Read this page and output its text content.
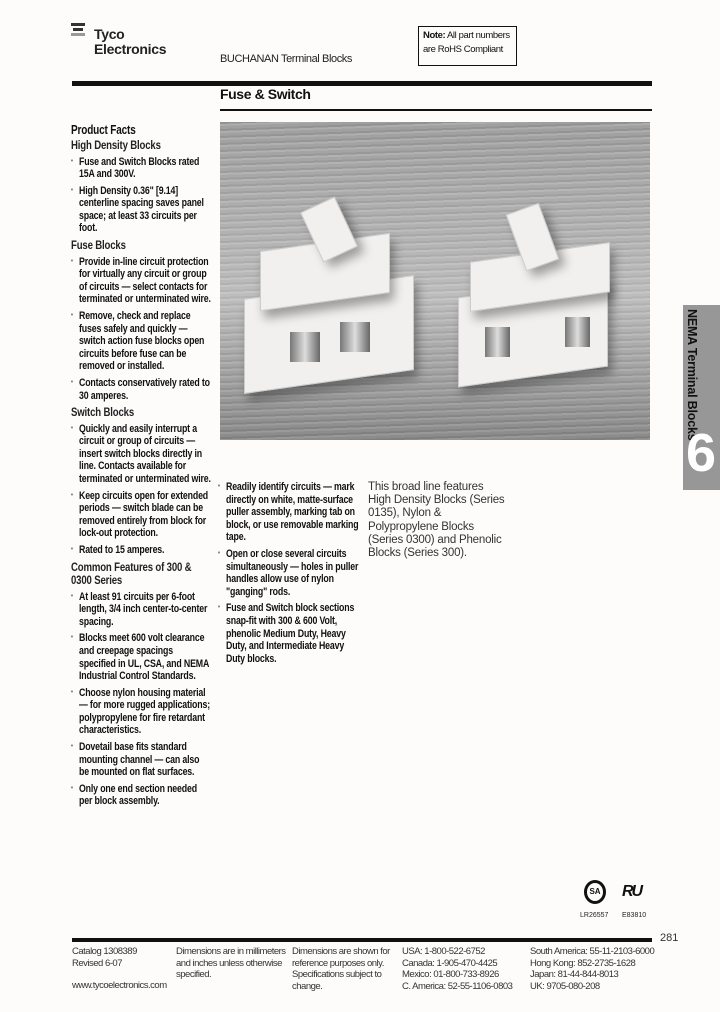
Tyco
Electronics
BUCHANAN Terminal Blocks
Note: All part numbers
are RoHS Compliant
Fuse & Switch
Product Facts
High Density Blocks
• Fuse and Switch Blocks rated 15A and 300V.
• High Density 0.36" [9.14] centerline spacing saves panel space; at least 33 circuits per foot.
Fuse Blocks
• Provide in-line circuit protection for virtually any circuit or group of circuits — select contacts for terminated or unterminated wire.
• Remove, check and replace fuses safely and quickly — switch action fuse blocks open circuits before fuse can be removed or installed.
• Contacts conservatively rated to 30 amperes.
Switch Blocks
• Quickly and easily interrupt a circuit or group of circuits — insert switch blocks directly in line. Contacts available for terminated or unterminated wire.
• Keep circuits open for extended periods — switch blade can be removed entirely from block for lock-out protection.
• Rated to 15 amperes.
Common Features of 300 & 0300 Series
• At least 91 circuits per 6-foot length, 3/4 inch center-to-center spacing.
• Blocks meet 600 volt clearance and creepage spacings specified in UL, CSA, and NEMA Industrial Control Standards.
• Choose nylon housing material — for more rugged applications; polypropylene for fire retardant characteristics.
• Dovetail base fits standard mounting channel — can also be mounted on flat surfaces.
• Only one end section needed per block assembly.
• Readily identify circuits — mark directly on white, matte-surface puller assembly, marking tab on block, or use removable marking tape.
• Open or close several circuits simultaneously — holes in puller handles allow use of nylon "ganging" rods.
• Fuse and Switch block sections snap-fit with 300 & 600 Volt, phenolic Medium Duty, Heavy Duty, and Intermediate Heavy Duty blocks.
This broad line features High Density Blocks (Series 0135), Nylon & Polypropylene Blocks (Series 0300) and Phenolic Blocks (Series 300).
NEMA Terminal Blocks
6
SA	RU
LR26557 E83810
281
Catalog 1308389
Revised 6-07
www.tycoelectronics.com
Dimensions are in millimeters and inches unless otherwise specified.
Dimensions are shown for reference purposes only. Specifications subject to change.
USA: 1-800-522-6752
Canada: 1-905-470-4425
Mexico: 01-800-733-8926
C. America: 52-55-1106-0803
South America: 55-11-2103-6000
Hong Kong: 852-2735-1628
Japan: 81-44-844-8013
UK: 9705-080-208
